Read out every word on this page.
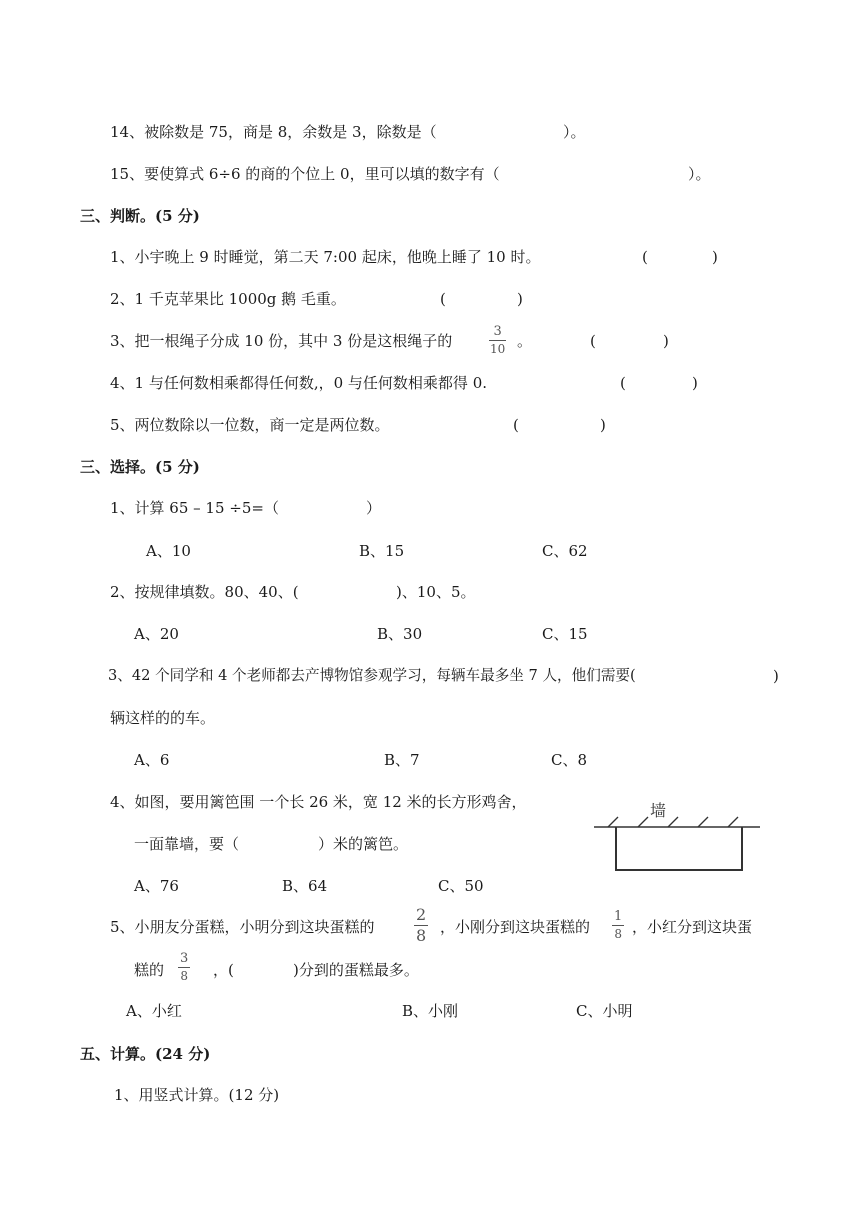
14、被除数是 75，商是 8，余数是 3，除数是（	）。
15、要使算式 6÷6 的商的个位上 0，里可以填的数字有（	）。
三、判断。(5 分)
1、小宇晚上 9 时睡觉，第二天 7:00 起床，他晚上睡了 10 时。	(	)
2、1 千克苹果比 1000g 鹅 毛重。	(	)
3、把一根绳子分成 10 份，其中 3 份是这根绳子的
3
10 。	(	)
4、1 与任何数相乘都得任何数,，0 与任何数相乘都得 0.	(	)
5、两位数除以一位数，商一定是两位数。	(	)
三、选择。(5 分)
1、计算 65 – 15 ÷5=（	）
A、10	B、15	C、62
2、按规律填数。80、40、(	)、10、5。
A、20	B、30	C、15
3、42 个同学和 4 个老师都去产博物馆参观学习，每辆车最多坐 7 人，他们需要(	)
辆这样的的车。
A、6	B、7	C、8
4、如图，要用篱笆围 一个长 26 米，宽 12 米的长方形鸡舍，
一面靠墙，要（	）米的篱笆。
A、76	B、64	C、50
墙
5、小朋友分蛋糕，小明分到这块蛋糕的
2
8 ，小刚分到这块蛋糕的
1
8 ，小红分到这块蛋
糕的
3
8 ，(	)分到的蛋糕最多。
A、小红	B、小刚	C、小明
五、计算。(24 分)
1、用竖式计算。(12 分)
